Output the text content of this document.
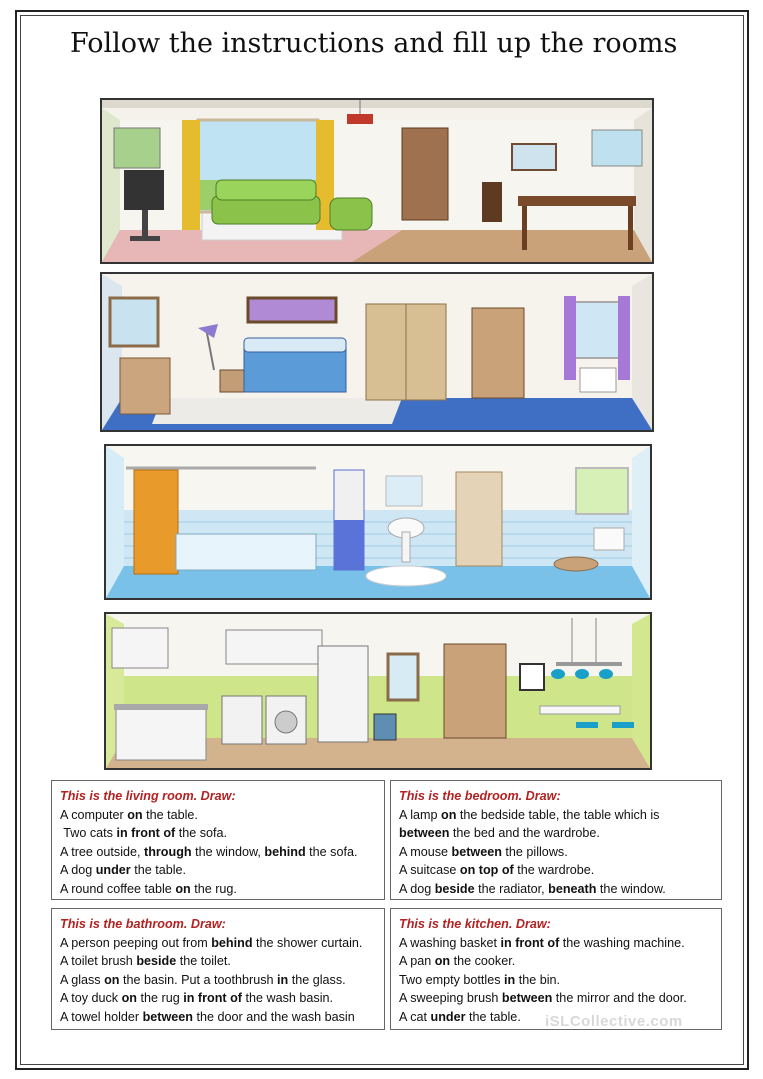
Follow the instructions and fill up the rooms
This is the living room. Draw:
A computer on the table.
Two cats in front of the sofa.
A tree outside, through the window, behind the sofa.
A dog under the table.
A round coffee table on the rug.
This is the bedroom. Draw:
A lamp on the bedside table, the table which is
between the bed and the wardrobe.
A mouse between the pillows.
A suitcase on top of the wardrobe.
A dog beside the radiator, beneath the window.
This is the bathroom. Draw:
A person peeping out from behind the shower curtain.
A toilet brush beside the toilet.
A glass on the basin. Put a toothbrush in the glass.
A toy duck on the rug in front of the wash basin.
A towel holder between the door and the wash basin
This is the kitchen. Draw:
A washing basket in front of the washing machine.
A pan on the cooker.
Two empty bottles in the bin.
A sweeping brush between the mirror and the door.
A cat under the table.	iSLCollective.com
